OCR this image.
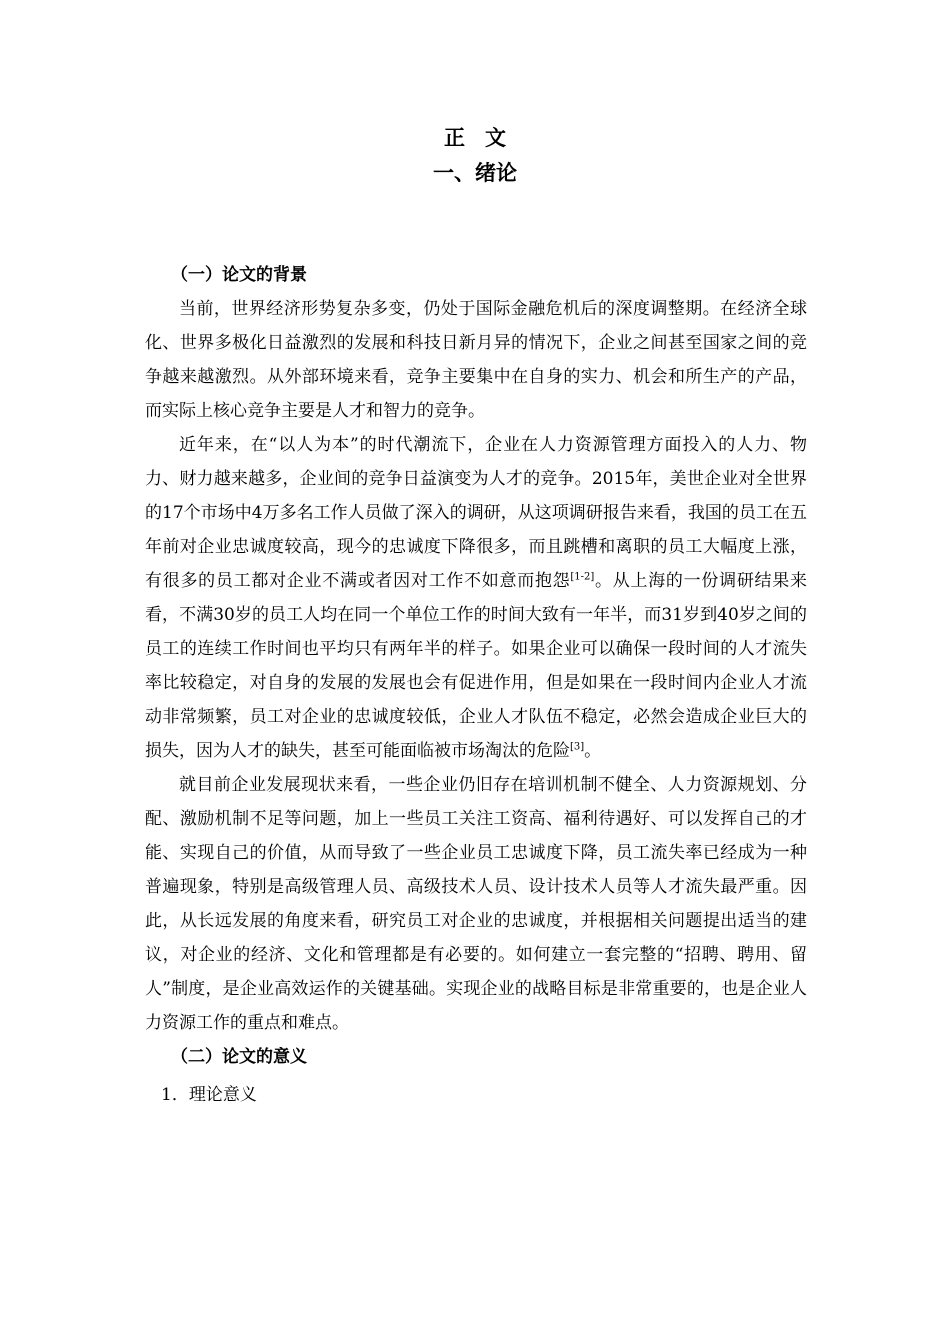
正文
一、绪论

（一）论文的背景

当前，世界经济形势复杂多变，仍处于国际金融危机后的深度调整期。在经济全球化、世界多极化日益激烈的发展和科技日新月异的情况下，企业之间甚至国家之间的竞争越来越激烈。从外部环境来看，竞争主要集中在自身的实力、机会和所生产的产品，而实际上核心竞争主要是人才和智力的竞争。

近年来，在“以人为本”的时代潮流下，企业在人力资源管理方面投入的人力、物力、财力越来越多，企业间的竞争日益演变为人才的竞争。2015年，美世企业对全世界的17个市场中4万多名工作人员做了深入的调研，从这项调研报告来看，我国的员工在五年前对企业忠诚度较高，现今的忠诚度下降很多，而且跳槽和离职的员工大幅度上涨，有很多的员工都对企业不满或者因对工作不如意而抱怨[1-2]。从上海的一份调研结果来看，不满30岁的员工人均在同一个单位工作的时间大致有一年半，而31岁到40岁之间的员工的连续工作时间也平均只有两年半的样子。如果企业可以确保一段时间的人才流失率比较稳定，对自身的发展的发展也会有促进作用，但是如果在一段时间内企业人才流动非常频繁，员工对企业的忠诚度较低，企业人才队伍不稳定，必然会造成企业巨大的损失，因为人才的缺失，甚至可能面临被市场淘汰的危险[3]。

就目前企业发展现状来看，一些企业仍旧存在培训机制不健全、人力资源规划、分配、激励机制不足等问题，加上一些员工关注工资高、福利待遇好、可以发挥自己的才能、实现自己的价值，从而导致了一些企业员工忠诚度下降，员工流失率已经成为一种普遍现象，特别是高级管理人员、高级技术人员、设计技术人员等人才流失最严重。因此，从长远发展的角度来看，研究员工对企业的忠诚度，并根据相关问题提出适当的建议，对企业的经济、文化和管理都是有必要的。如何建立一套完整的“招聘、聘用、留人”制度，是企业高效运作的关键基础。实现企业的战略目标是非常重要的，也是企业人力资源工作的重点和难点。

（二）论文的意义

1．理论意义
